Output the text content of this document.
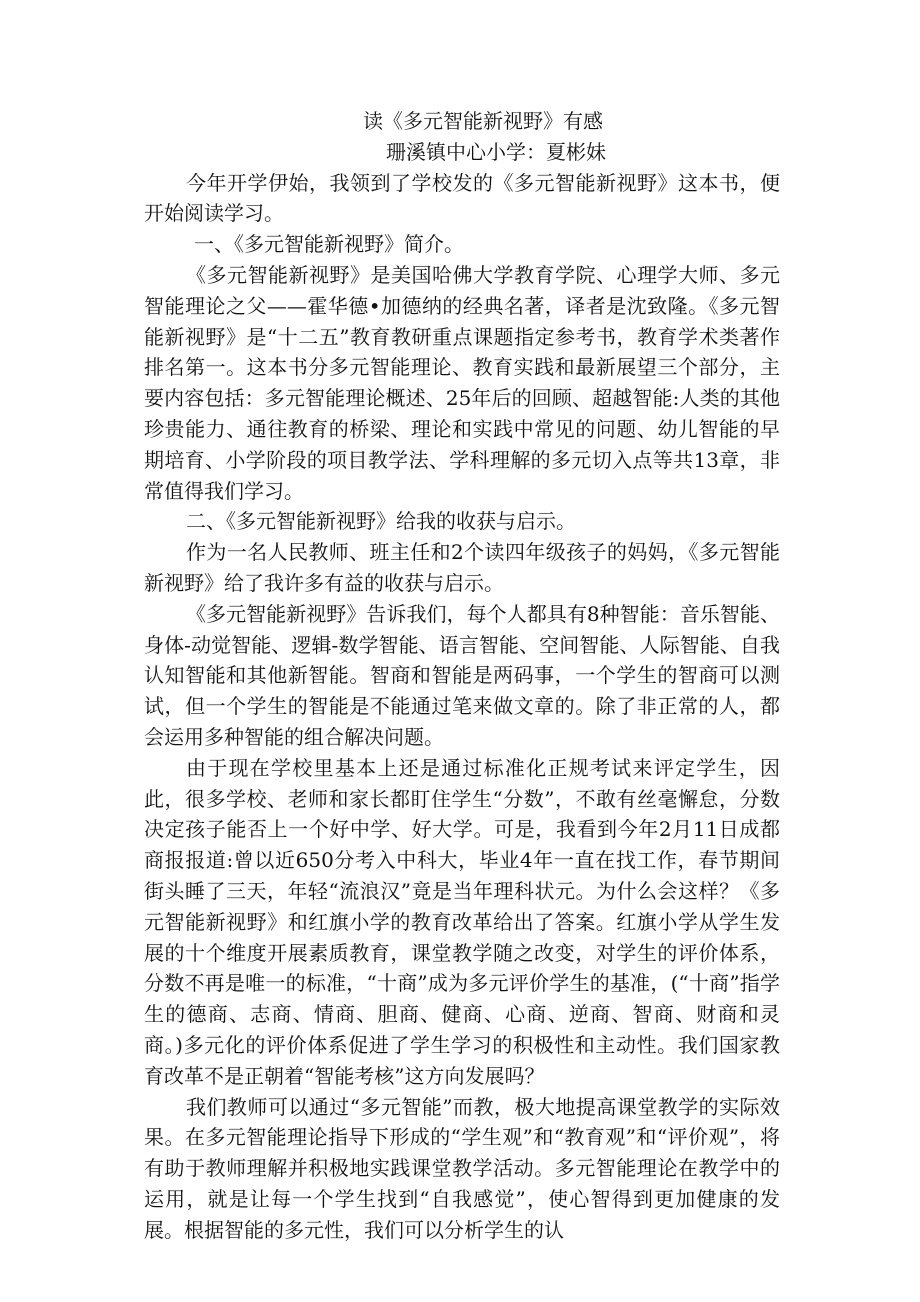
读《多元智能新视野》有感

珊溪镇中心小学：夏彬妹

今年开学伊始，我领到了学校发的《多元智能新视野》这本书，便开始阅读学习。

一、《多元智能新视野》简介。

《多元智能新视野》是美国哈佛大学教育学院、心理学大师、多元智能理论之父——霍华德•加德纳的经典名著，译者是沈致隆。《多元智能新视野》是“十二五”教育教研重点课题指定参考书，教育学术类著作排名第一。这本书分多元智能理论、教育实践和最新展望三个部分，主要内容包括：多元智能理论概述、25年后的回顾、超越智能:人类的其他珍贵能力、通往教育的桥梁、理论和实践中常见的问题、幼儿智能的早期培育、小学阶段的项目教学法、学科理解的多元切入点等共13章，非常值得我们学习。

二、《多元智能新视野》给我的收获与启示。

作为一名人民教师、班主任和2个读四年级孩子的妈妈，《多元智能新视野》给了我许多有益的收获与启示。

《多元智能新视野》告诉我们，每个人都具有8种智能：音乐智能、身体-动觉智能、逻辑-数学智能、语言智能、空间智能、人际智能、自我认知智能和其他新智能。智商和智能是两码事，一个学生的智商可以测试，但一个学生的智能是不能通过笔来做文章的。除了非正常的人，都会运用多种智能的组合解决问题。

由于现在学校里基本上还是通过标准化正规考试来评定学生，因此，很多学校、老师和家长都盯住学生“分数”，不敢有丝毫懈怠，分数决定孩子能否上一个好中学、好大学。可是，我看到今年2月11日成都商报报道:曾以近650分考入中科大，毕业4年一直在找工作，春节期间街头睡了三天，年轻“流浪汉”竟是当年理科状元。为什么会这样？《多元智能新视野》和红旗小学的教育改革给出了答案。红旗小学从学生发展的十个维度开展素质教育，课堂教学随之改变，对学生的评价体系，分数不再是唯一的标准，“十商”成为多元评价学生的基准，(“十商”指学生的德商、志商、情商、胆商、健商、心商、逆商、智商、财商和灵商。)多元化的评价体系促进了学生学习的积极性和主动性。我们国家教育改革不是正朝着“智能考核”这方向发展吗？

我们教师可以通过“多元智能”而教，极大地提高课堂教学的实际效果。在多元智能理论指导下形成的“学生观”和“教育观”和“评价观”，将有助于教师理解并积极地实践课堂教学活动。多元智能理论在教学中的运用，就是让每一个学生找到“自我感觉”，使心智得到更加健康的发展。根据智能的多元性，我们可以分析学生的认
